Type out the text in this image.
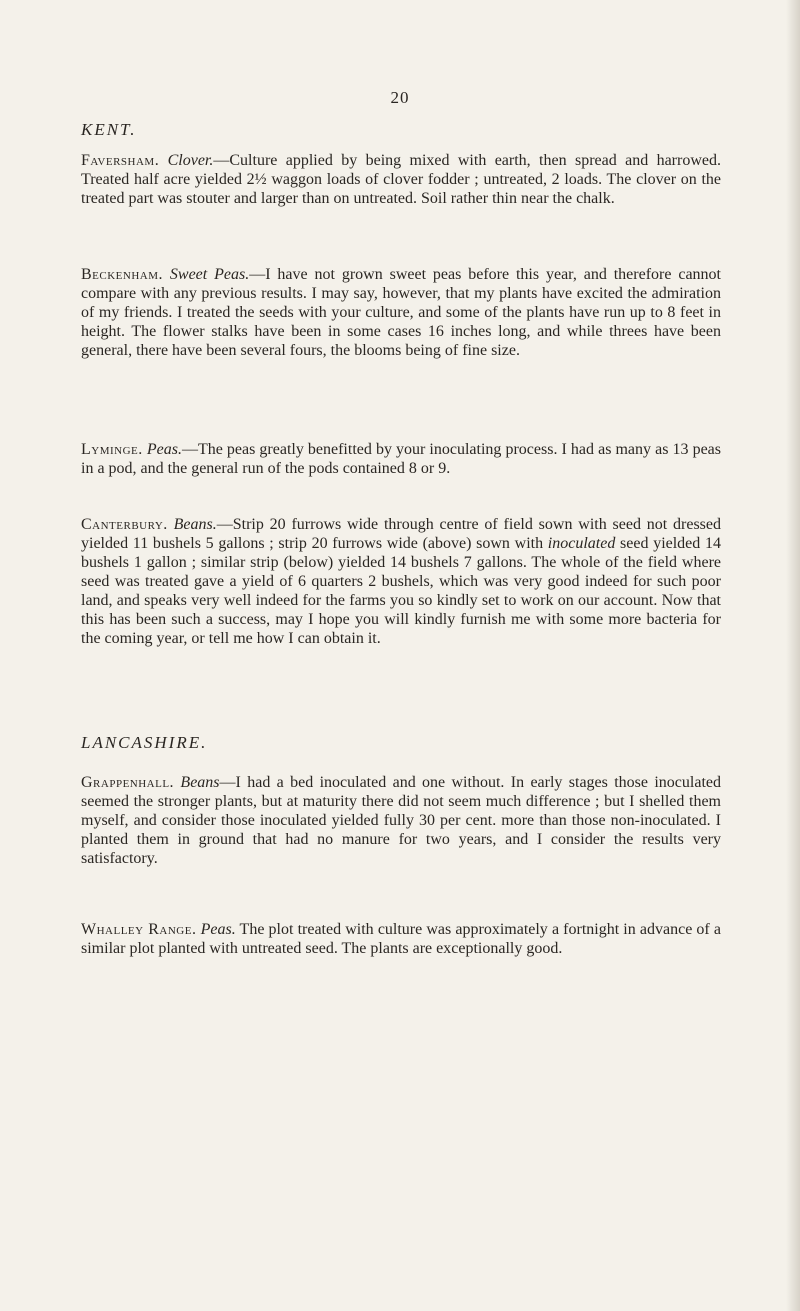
20
KENT.

Faversham. Clover.—Culture applied by being mixed with earth, then spread and harrowed. Treated half acre yielded 2½ waggon loads of clover fodder ; untreated, 2 loads. The clover on the treated part was stouter and larger than on untreated. Soil rather thin near the chalk.

Beckenham. Sweet Peas.—I have not grown sweet peas before this year, and therefore cannot compare with any previous results. I may say, however, that my plants have excited the admiration of my friends. I treated the seeds with your culture, and some of the plants have run up to 8 feet in height. The flower stalks have been in some cases 16 inches long, and while threes have been general, there have been several fours, the blooms being of fine size.

Lyminge. Peas.—The peas greatly benefitted by your inoculating process. I had as many as 13 peas in a pod, and the general run of the pods contained 8 or 9.

Canterbury. Beans.—Strip 20 furrows wide through centre of field sown with seed not dressed yielded 11 bushels 5 gallons ; strip 20 furrows wide (above) sown with inoculated seed yielded 14 bushels 1 gallon ; similar strip (below) yielded 14 bushels 7 gallons. The whole of the field where seed was treated gave a yield of 6 quarters 2 bushels, which was very good indeed for such poor land, and speaks very well indeed for the farms you so kindly set to work on our account. Now that this has been such a success, may I hope you will kindly furnish me with some more bacteria for the coming year, or tell me how I can obtain it.

LANCASHIRE.

Grappenhall. Beans—I had a bed inoculated and one without. In early stages those inoculated seemed the stronger plants, but at maturity there did not seem much difference ; but I shelled them myself, and consider those inoculated yielded fully 30 per cent. more than those non-inoculated. I planted them in ground that had no manure for two years, and I consider the results very satisfactory.

Whalley Range. Peas. The plot treated with culture was approximately a fortnight in advance of a similar plot planted with untreated seed. The plants are exceptionally good.
